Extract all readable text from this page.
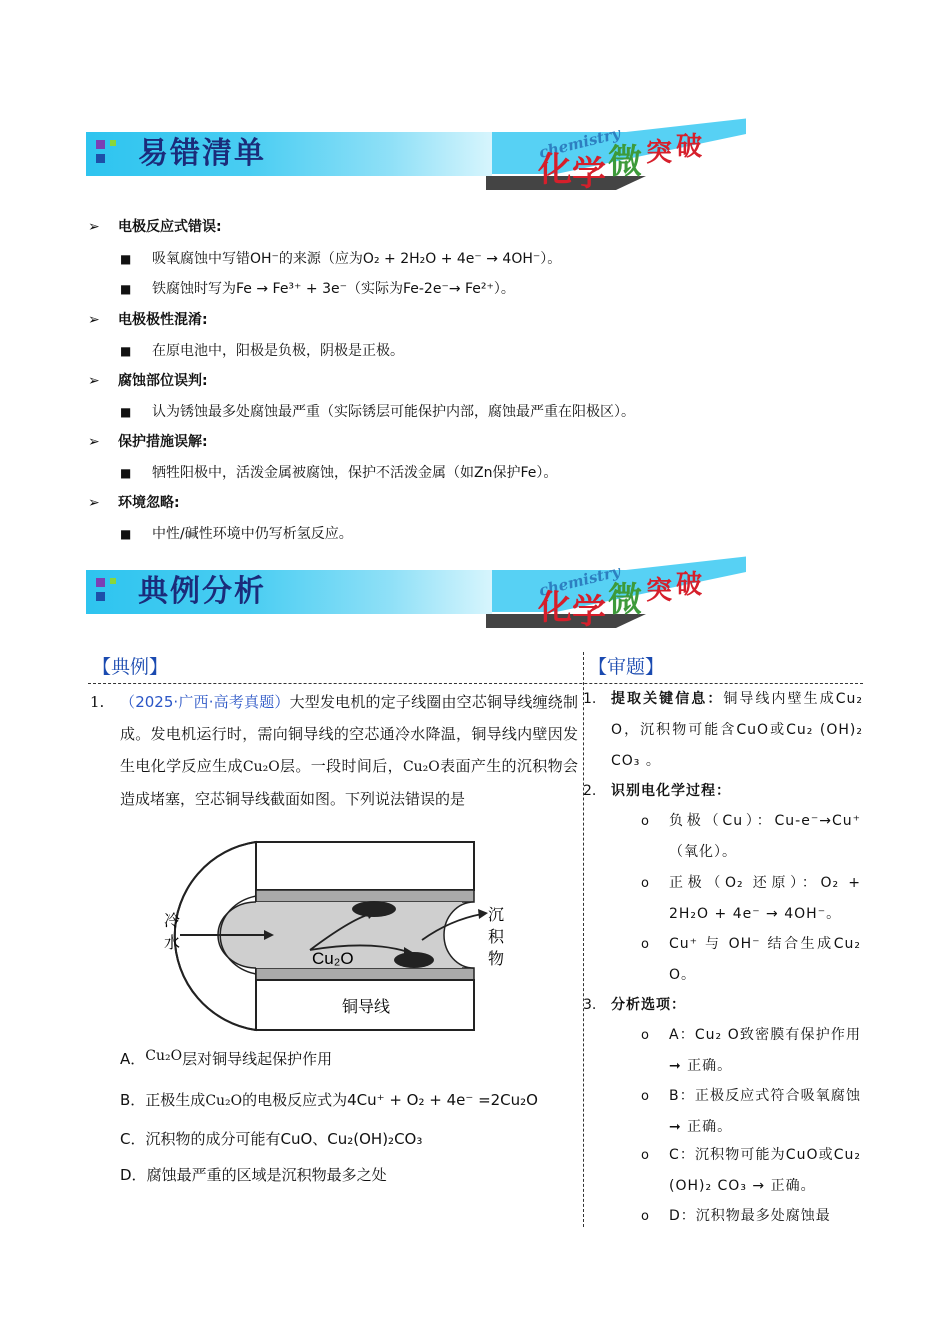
易错清单	chemistry
化 学 微 突 破
➢ 电极反应式错误:
■ 吸氧腐蚀中写错OH⁻的来源（应为O₂ + 2H₂O + 4e⁻ → 4OH⁻）。
■ 铁腐蚀时写为Fe → Fe³⁺ + 3e⁻（实际为Fe-2e⁻→ Fe²⁺）。
➢ 电极极性混淆:
■ 在原电池中，阳极是负极，阴极是正极。
➢ 腐蚀部位误判:
■ 认为锈蚀最多处腐蚀最严重（实际锈层可能保护内部，腐蚀最严重在阳极区）。
➢ 保护措施误解:
■ 牺牲阳极中，活泼金属被腐蚀，保护不活泼金属（如Zn保护Fe）。
➢ 环境忽略:
■ 中性/碱性环境中仍写析氢反应。
典例分析	chemistry
化 学 微 突 破
【典例】	【审题】
1. （2025·广西·高考真题）大型发电机的定子线圈由空芯铜导线缠绕制成。发电机运行时，需向铜导线的空芯通冷水降温，铜导线内壁因发生电化学反应生成Cu₂O层。一段时间后，Cu₂O表面产生的沉积物会造成堵塞，空芯铜导线截面如图。下列说法错误的是
冷
水
Cu₂O
沉
积
物
铜导线
A．Cu₂O层对铜导线起保护作用
B．正极生成Cu₂O的电极反应式为4Cu⁺ + O₂ + 4e⁻ =2Cu₂O
C．沉积物的成分可能有CuO、Cu₂(OH)₂CO₃
D．腐蚀最严重的区域是沉积物最多之处
1. 提取关键信息：铜导线内壁生成Cu₂ O，沉积物可能含CuO或Cu₂ (OH)₂ CO₃ 。
2. 识别电化学过程：
o 负极（Cu）：Cu-e⁻→Cu⁺（氧化）。
o 正极（O₂ 还原）：O₂ + 2H₂O + 4e⁻ → 4OH⁻。
o Cu⁺ 与 OH⁻ 结合生成Cu₂ O。
3. 分析选项：
o A：Cu₂ O致密膜有保护作用 ➞ 正确。
o B：正极反应式符合吸氧腐蚀 ➞ 正确。
o C：沉积物可能为CuO或Cu₂ (OH)₂ CO₃ → 正确。
o D：沉积物最多处腐蚀最
